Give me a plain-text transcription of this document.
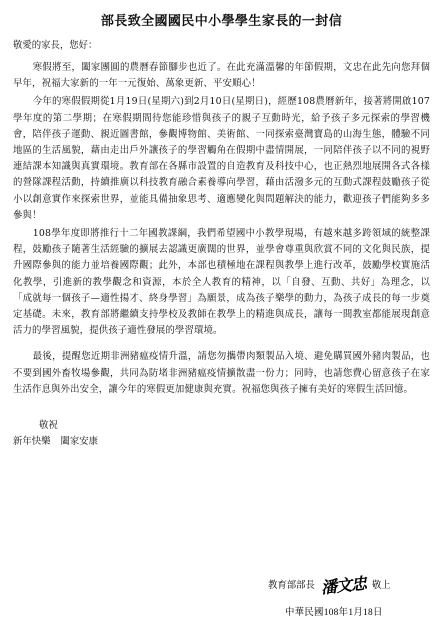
部長致全國國民中小學學生家長的一封信
敬愛的家長，您好：

寒假將至，闔家團圓的農曆春節腳步也近了。在此充滿溫馨的年節假期，文忠在此先向您拜個早年，祝福大家新的一年一元復始、萬象更新、平安順心！

今年的寒假假期從1月19日(星期六)到2月10日(星期日)，經歷108農曆新年，接著將開啟107學年度的第二學期；在寒假期間待您能珍惜與孩子的親子互動時光，給予孩子多元探索的學習機會，陪伴孩子運動、親近圖書館，參觀博物館、美術館、一同探索臺灣寶島的山海生態，體驗不同地區的生活風貌，藉由走出戶外讓孩子的學習觸角在假期中盡情開展，一同陪伴孩子以不同的視野連結課本知識與真實環境。教育部在各縣市設置的自造教育及科技中心，也正熱烈地展開各式各樣的營隊課程活動，持續推廣以科技教育融合素養導向學習，藉由活潑多元的互動式課程鼓勵孩子從小以創意實作來探索世界，並能具備抽象思考、適應變化與問題解決的能力，歡迎孩子們能夠多多參與！

108學年度即將推行十二年國教課綱，我們希望國中小教學現場，有越來越多跨領域的統整課程，鼓勵孩子隨著生活經驗的擴展去認識更廣闊的世界，並學會尊重與欣賞不同的文化與民族，提升國際參與的能力並培養國際觀；此外，本部也積極地在課程與教學上進行改革，鼓勵學校實施活化教學，引進新的教學觀念和資源，本於全人教育的精神，以「自發、互動、共好」為理念，以「成就每一個孩子—適性揚才、終身學習」為願景，成為孩子樂學的動力，為孩子成長的每一步奠定基礎。未來，教育部將繼續支持學校及教師在教學上的精進與成長，讓每一間教室都能展現創意活力的學習風貌，提供孩子適性發展的學習環境。

最後，提醒您近期非洲豬瘟疫情升溫，請您勿攜帶肉類製品入境、避免購買國外豬肉製品，也不要到國外畜牧場參觀，共同為防堵非洲豬瘟疫情擴散盡一份力；同時，也請您費心留意孩子在家生活作息與外出安全，讓今年的寒假更加健康與充實。祝福您與孩子擁有美好的寒假生活回憶。

敬祝
新年快樂 闔家安康
教育部部長 潘文忠 敬上
中華民國108年1月18日
